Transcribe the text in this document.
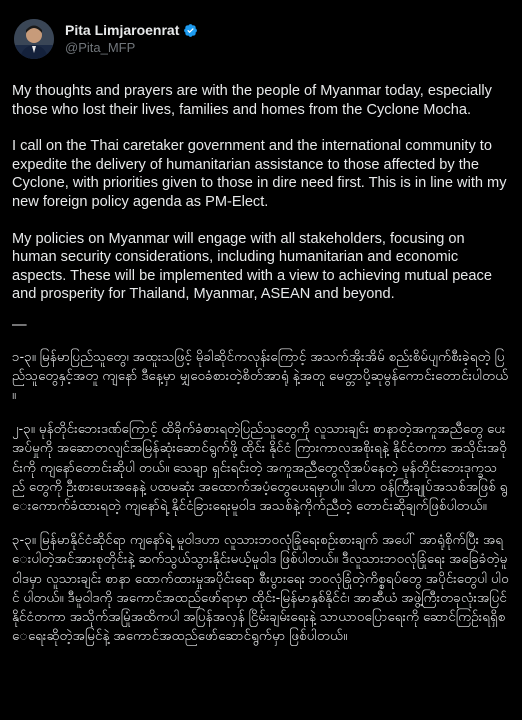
Pita Limjaroenrat
@Pita_MFP

My thoughts and prayers are with the people of Myanmar today, especially those who lost their lives, families and homes from the Cyclone Mocha.

I call on the Thai caretaker government and the international community to expedite the delivery of humanitarian assistance to those affected by the Cyclone, with priorities given to those in dire need first. This is in line with my new foreign policy agenda as PM-Elect.

My policies on Myanmar will engage with all stakeholders, focusing on human security considerations, including humanitarian and economic aspects. These will be implemented with a view to achieving mutual peace and prosperity for Thailand, Myanmar, ASEAN and beyond.

—

၁-၃။ မြန်မာပြည်သူတွေ၊ အထူးသဖြင့် မိုခါဆိုင်ကလုန်းကြောင့် အသက်အိုးအိမ် စည်းစိမ်ပျက်စီးခဲ့ရတဲ့ ပြည်သူတွေနှင့်အတူ ကျနော် ဒီနေ့မှာ မျှဝေခံစားတဲ့စိတ်အာရုံ နဲ့အတူ မေတ္တာပို့ဆုမွန်ကောင်းတောင်းပါတယ်။

၂-၃။ မုန်တိုင်းဘေးဒဏ်ကြောင့် ထိခိုက်ခံစားရတဲ့ပြည်သူတွေကို လူသားချင်း စာနာတဲ့အကူအညီတွေ ပေးအပ်မှုကို အဆောတလျင်အမြန်ဆုံးဆောင်ရွက်ဖို့ ထိုင်း နိုင်ငံ ကြားကာလအစိုးရနဲ့ နိုင်ငံတကာ အသိုင်းအဝိုင်းကို ကျနော်တောင်းဆိုပါ တယ်။ သေချာ ရှင်းရင်းတဲ့ အကူအညီတွေလိုအပ်နေတဲ့ မုန်တိုင်းဘေးဒုက္ခသည် တွေကို ဦးစားပေးအနေနဲ့ ပထမဆုံး အထောက်အပံ့တွေပေးရမှာပါ။ ဒါဟာ ဝန်ကြီးချုပ်အသစ်အဖြစ် ရွေးကောက်ခံထားရတဲ့ ကျနော်ရဲ့ နိုင်ငံခြားရေးမူဝါဒ အသစ်နဲ့ကိုက်ညီတဲ့ တောင်းဆိုချက်ဖြစ်ပါတယ်။

၃-၃။ မြန်မာနိုင်ငံဆိုင်ရာ ကျနော်ရဲ့ မူဝါဒဟာ လူသားဘဝလုံခြုံရေးစဉ်းစားချက် အပေါ် အာရုံစိုက်ပြီး အရေးပါတဲ့အင်အားစုတိုင်းနဲ့ ဆက်သွယ်သွားနိုင်းမယ့်မူဝါဒ ဖြစ်ပါတယ်။ ဒီလူသားဘဝလုံခြုံရေး အခြေခံတဲ့မူဝါဒမှာ လူသားချင်း စာနာ ထောက်ထားမှုအပိုင်းရော စီးပွားရေး ဘဝလုံခြုံတဲ့ကိစ္စရပ်တွေ အပိုင်းတွေပါ ပါဝင် ပါတယ်။ ဒီမူဝါဒကို အကောင်အထည်ဖော်ရာမှာ ထိုင်း-မြန်မာနှစ်နိုင်ငံ၊ အာဆီယံ အဖွဲ့ကြီးတခုလုံးအပြင် နိုင်ငံတကာ အသိုက်အမြုံအထိကပါ အပြန်အလှန် ငြိမ်းချမ်းရေးနဲ့ သာယာဝပြောရေးကို ဆောင်ကြဉ်းရရှိစေရေးဆိုတဲ့အမြင်နဲ့ အကောင်အထည်ဖော်ဆောင်ရွက်မှာ ဖြစ်ပါတယ်။
